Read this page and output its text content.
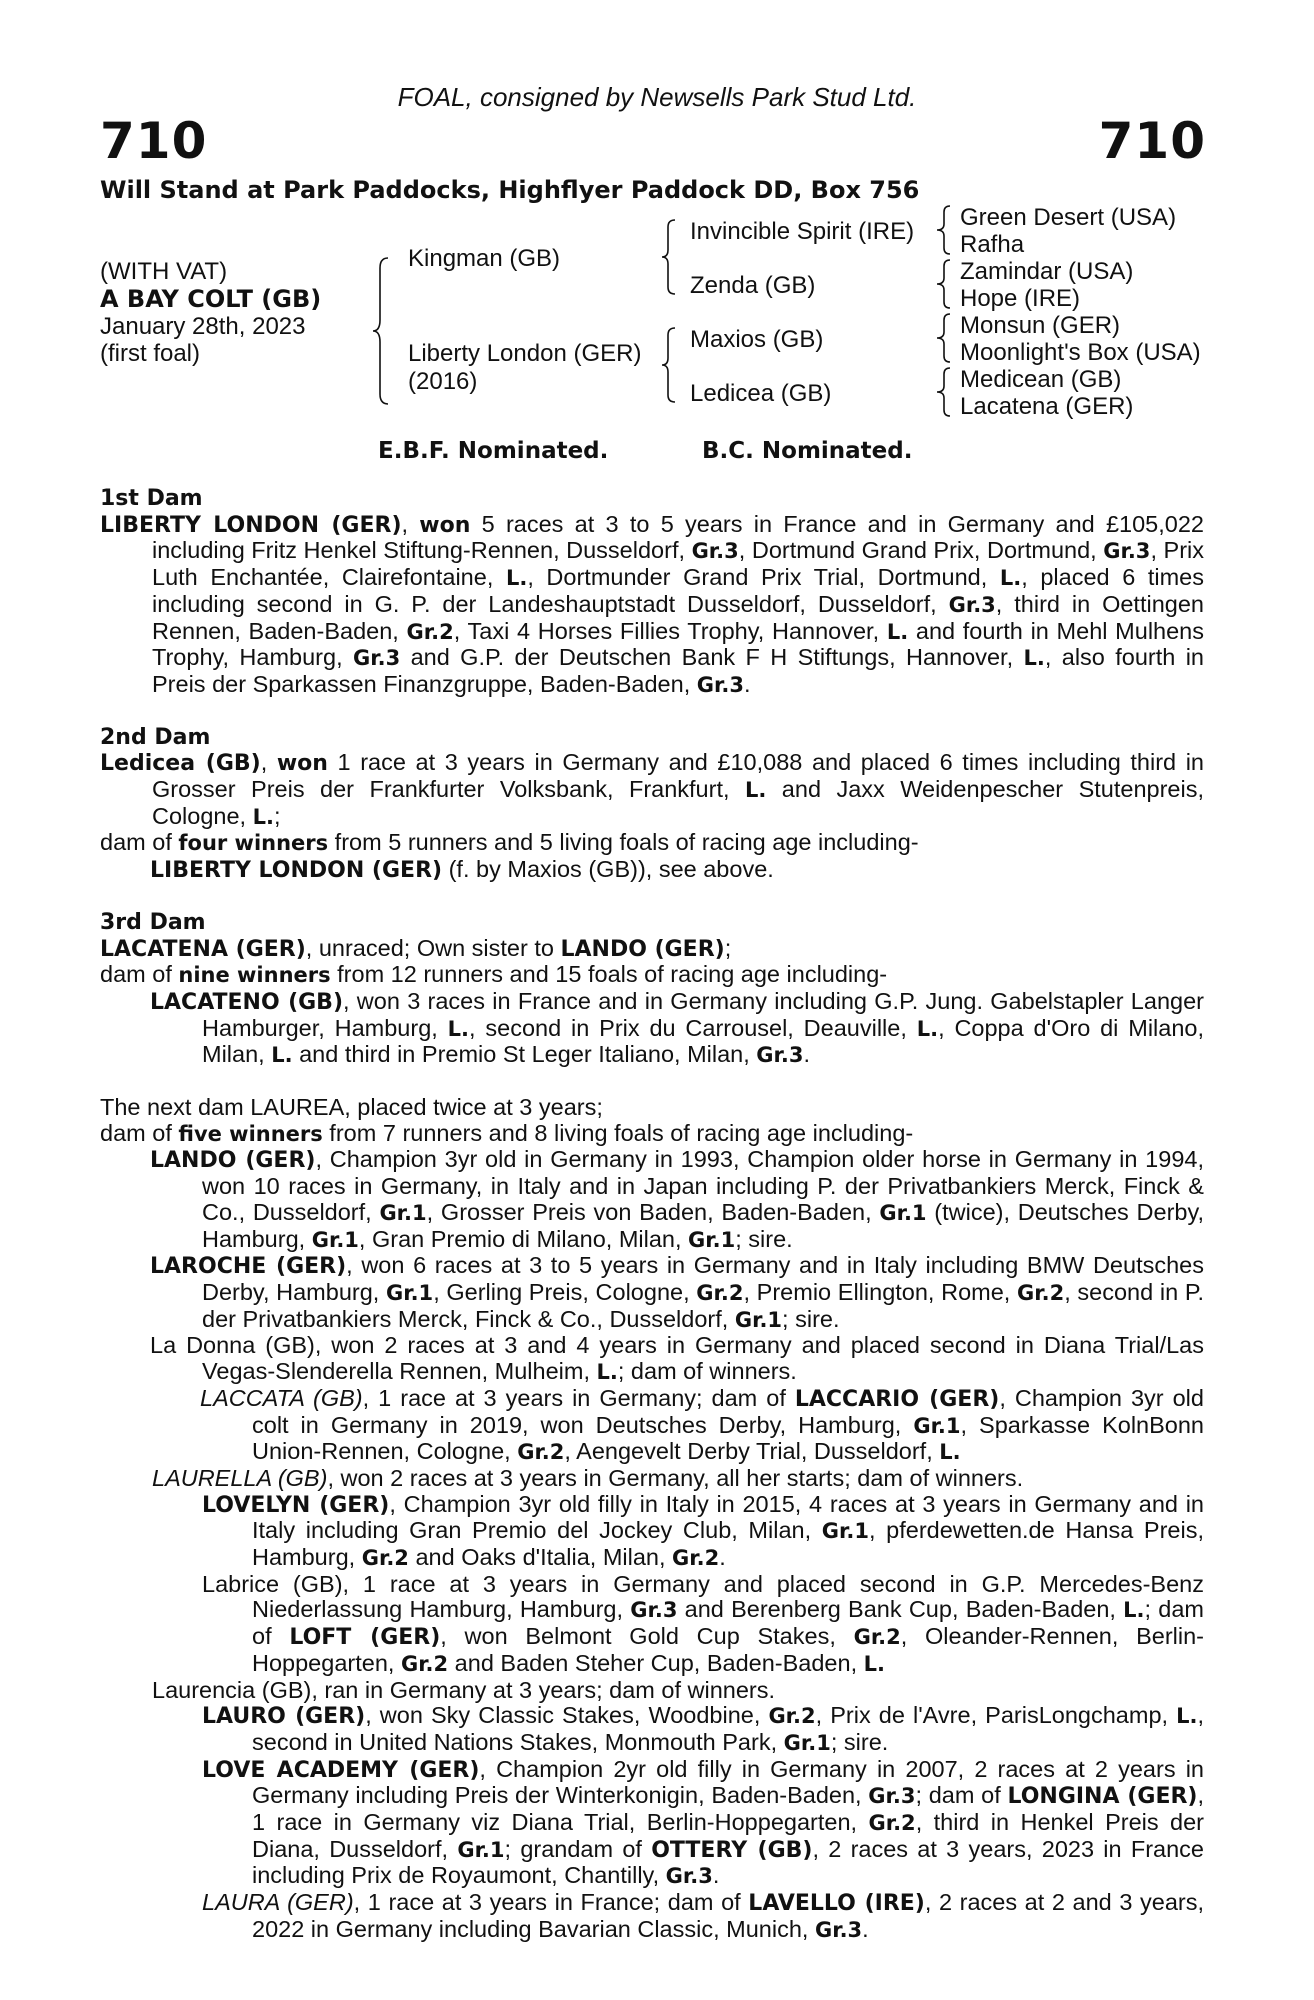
FOAL, consigned by Newsells Park Stud Ltd.
710	710
Will Stand at Park Paddocks, Highflyer Paddock DD, Box 756
(WITH VAT)
A BAY COLT (GB)
January 28th, 2023
(first foal)
Kingman (GB)
Liberty London (GER)
(2016)
Invincible Spirit (IRE)
Zenda (GB)
Maxios (GB)
Ledicea (GB)
Green Desert (USA)
Rafha
Zamindar (USA)
Hope (IRE)
Monsun (GER)
Moonlight's Box (USA)
Medicean (GB)
Lacatena (GER)
E.B.F. Nominated.	B.C. Nominated.

1st Dam

LIBERTY LONDON (GER), won 5 races at 3 to 5 years in France and in Germany and £105,022 including Fritz Henkel Stiftung-Rennen, Dusseldorf, Gr.3, Dortmund Grand Prix, Dortmund, Gr.3, Prix Luth Enchantée, Clairefontaine, L., Dortmunder Grand Prix Trial, Dortmund, L., placed 6 times including second in G. P. der Landeshauptstadt Dusseldorf, Dusseldorf, Gr.3, third in Oettingen Rennen, Baden-Baden, Gr.2, Taxi 4 Horses Fillies Trophy, Hannover, L. and fourth in Mehl Mulhens Trophy, Hamburg, Gr.3 and G.P. der Deutschen Bank F H Stiftungs, Hannover, L., also fourth in Preis der Sparkassen Finanzgruppe, Baden-Baden, Gr.3.

2nd Dam

Ledicea (GB), won 1 race at 3 years in Germany and £10,088 and placed 6 times including third in Grosser Preis der Frankfurter Volksbank, Frankfurt, L. and Jaxx Weidenpescher Stutenpreis, Cologne, L.;

dam of four winners from 5 runners and 5 living foals of racing age including-

LIBERTY LONDON (GER) (f. by Maxios (GB)), see above.

3rd Dam

LACATENA (GER), unraced; Own sister to LANDO (GER);

dam of nine winners from 12 runners and 15 foals of racing age including-

LACATENO (GB), won 3 races in France and in Germany including G.P. Jung. Gabelstapler Langer Hamburger, Hamburg, L., second in Prix du Carrousel, Deauville, L., Coppa d'Oro di Milano, Milan, L. and third in Premio St Leger Italiano, Milan, Gr.3.

The next dam LAUREA, placed twice at 3 years;

dam of five winners from 7 runners and 8 living foals of racing age including-

LANDO (GER), Champion 3yr old in Germany in 1993, Champion older horse in Germany in 1994, won 10 races in Germany, in Italy and in Japan including P. der Privatbankiers Merck, Finck & Co., Dusseldorf, Gr.1, Grosser Preis von Baden, Baden-Baden, Gr.1 (twice), Deutsches Derby, Hamburg, Gr.1, Gran Premio di Milano, Milan, Gr.1; sire.

LAROCHE (GER), won 6 races at 3 to 5 years in Germany and in Italy including BMW Deutsches Derby, Hamburg, Gr.1, Gerling Preis, Cologne, Gr.2, Premio Ellington, Rome, Gr.2, second in P. der Privatbankiers Merck, Finck & Co., Dusseldorf, Gr.1; sire.

La Donna (GB), won 2 races at 3 and 4 years in Germany and placed second in Diana Trial/Las Vegas-Slenderella Rennen, Mulheim, L.; dam of winners.

LACCATA (GB), 1 race at 3 years in Germany; dam of LACCARIO (GER), Champion 3yr old colt in Germany in 2019, won Deutsches Derby, Hamburg, Gr.1, Sparkasse KolnBonn Union-Rennen, Cologne, Gr.2, Aengevelt Derby Trial, Dusseldorf, L.

LAURELLA (GB), won 2 races at 3 years in Germany, all her starts; dam of winners.

LOVELYN (GER), Champion 3yr old filly in Italy in 2015, 4 races at 3 years in Germany and in Italy including Gran Premio del Jockey Club, Milan, Gr.1, pferdewetten.de Hansa Preis, Hamburg, Gr.2 and Oaks d'Italia, Milan, Gr.2.

Labrice (GB), 1 race at 3 years in Germany and placed second in G.P. Mercedes-Benz Niederlassung Hamburg, Hamburg, Gr.3 and Berenberg Bank Cup, Baden-Baden, L.; dam of LOFT (GER), won Belmont Gold Cup Stakes, Gr.2, Oleander-Rennen, Berlin-Hoppegarten, Gr.2 and Baden Steher Cup, Baden-Baden, L.

Laurencia (GB), ran in Germany at 3 years; dam of winners.

LAURO (GER), won Sky Classic Stakes, Woodbine, Gr.2, Prix de l'Avre, ParisLongchamp, L., second in United Nations Stakes, Monmouth Park, Gr.1; sire.

LOVE ACADEMY (GER), Champion 2yr old filly in Germany in 2007, 2 races at 2 years in Germany including Preis der Winterkonigin, Baden-Baden, Gr.3; dam of LONGINA (GER), 1 race in Germany viz Diana Trial, Berlin-Hoppegarten, Gr.2, third in Henkel Preis der Diana, Dusseldorf, Gr.1; grandam of OTTERY (GB), 2 races at 3 years, 2023 in France including Prix de Royaumont, Chantilly, Gr.3.

LAURA (GER), 1 race at 3 years in France; dam of LAVELLO (IRE), 2 races at 2 and 3 years, 2022 in Germany including Bavarian Classic, Munich, Gr.3.
